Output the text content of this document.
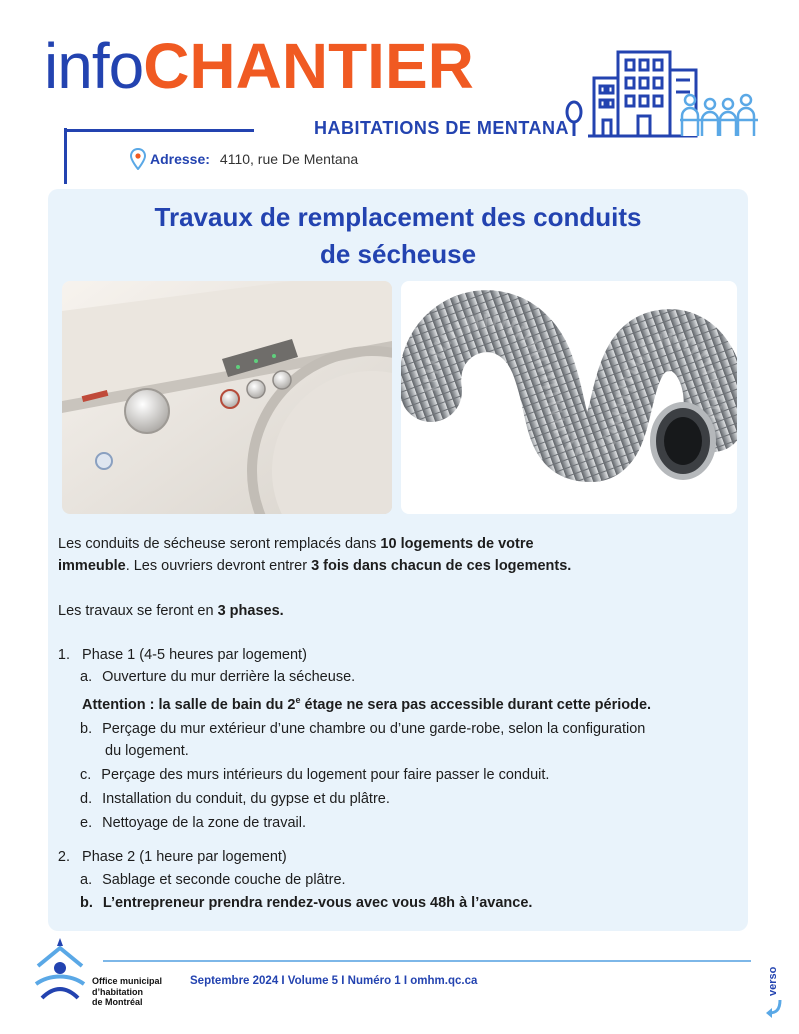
infoCHANTIER
HABITATIONS DE MENTANA
Adresse: 4110, rue De Mentana
Travaux de remplacement des conduits
de sécheuse
Les conduits de sécheuse seront remplacés dans 10 logements de votre
immeuble. Les ouvriers devront entrer 3 fois dans chacun de ces logements.
Les travaux se feront en 3 phases.
1. Phase 1 (4-5 heures par logement)
a. Ouverture du mur derrière la sécheuse.
Attention : la salle de bain du 2e étage ne sera pas accessible durant cette période.
b. Perçage du mur extérieur d’une chambre ou d’une garde-robe, selon la configuration
du logement.
c. Perçage des murs intérieurs du logement pour faire passer le conduit.
d. Installation du conduit, du gypse et du plâtre.
e. Nettoyage de la zone de travail.
2. Phase 2 (1 heure par logement)
a. Sablage et seconde couche de plâtre.
b. L’entrepreneur prendra rendez-vous avec vous 48h à l’avance.
Office municipal
d’habitation
de Montréal
Septembre 2024 I Volume 5 I Numéro 1 I omhm.qc.ca	verso
